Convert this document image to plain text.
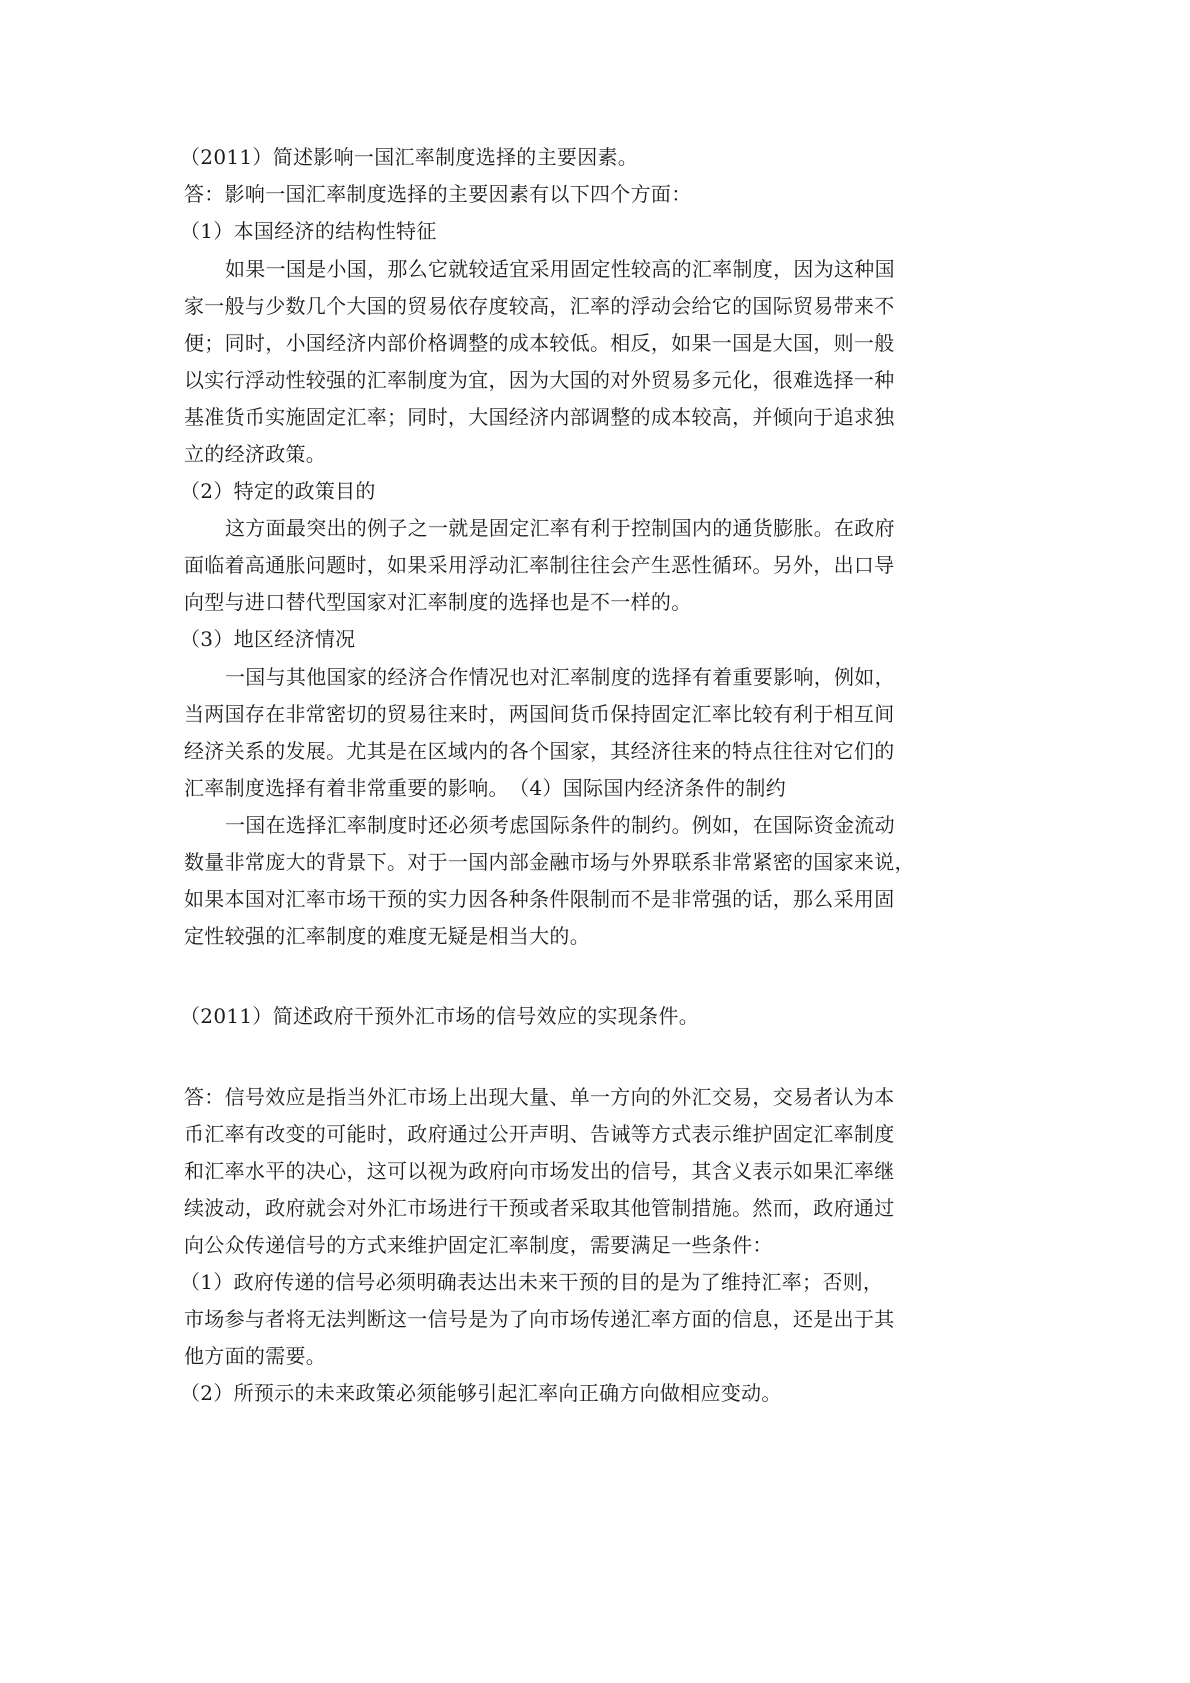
（2011）简述影响一国汇率制度选择的主要因素。
答：影响一国汇率制度选择的主要因素有以下四个方面：
（1）本国经济的结构性特征
如果一国是小国，那么它就较适宜采用固定性较高的汇率制度，因为这种国
家一般与少数几个大国的贸易依存度较高，汇率的浮动会给它的国际贸易带来不
便；同时，小国经济内部价格调整的成本较低。相反，如果一国是大国，则一般
以实行浮动性较强的汇率制度为宜，因为大国的对外贸易多元化，很难选择一种
基准货币实施固定汇率；同时，大国经济内部调整的成本较高，并倾向于追求独
立的经济政策。
（2）特定的政策目的
这方面最突出的例子之一就是固定汇率有利于控制国内的通货膨胀。在政府
面临着高通胀问题时，如果采用浮动汇率制往往会产生恶性循环。另外，出口导
向型与进口替代型国家对汇率制度的选择也是不一样的。
（3）地区经济情况
一国与其他国家的经济合作情况也对汇率制度的选择有着重要影响，例如，
当两国存在非常密切的贸易往来时，两国间货币保持固定汇率比较有利于相互间
经济关系的发展。尤其是在区域内的各个国家，其经济往来的特点往往对它们的
汇率制度选择有着非常重要的影响。　（4）国际国内经济条件的制约
一国在选择汇率制度时还必须考虑国际条件的制约。例如，在国际资金流动
数量非常庞大的背景下。对于一国内部金融市场与外界联系非常紧密的国家来说，
如果本国对汇率市场干预的实力因各种条件限制而不是非常强的话，那么采用固
定性较强的汇率制度的难度无疑是相当大的。
（2011）简述政府干预外汇市场的信号效应的实现条件。
答：信号效应是指当外汇市场上出现大量、单一方向的外汇交易，交易者认为本
币汇率有改变的可能时，政府通过公开声明、告诫等方式表示维护固定汇率制度
和汇率水平的决心，这可以视为政府向市场发出的信号，其含义表示如果汇率继
续波动，政府就会对外汇市场进行干预或者采取其他管制措施。然而，政府通过
向公众传递信号的方式来维护固定汇率制度，需要满足一些条件：
（1）政府传递的信号必须明确表达出未来干预的目的是为了维持汇率；否则，
市场参与者将无法判断这一信号是为了向市场传递汇率方面的信息，还是出于其
他方面的需要。
（2）所预示的未来政策必须能够引起汇率向正确方向做相应变动。
